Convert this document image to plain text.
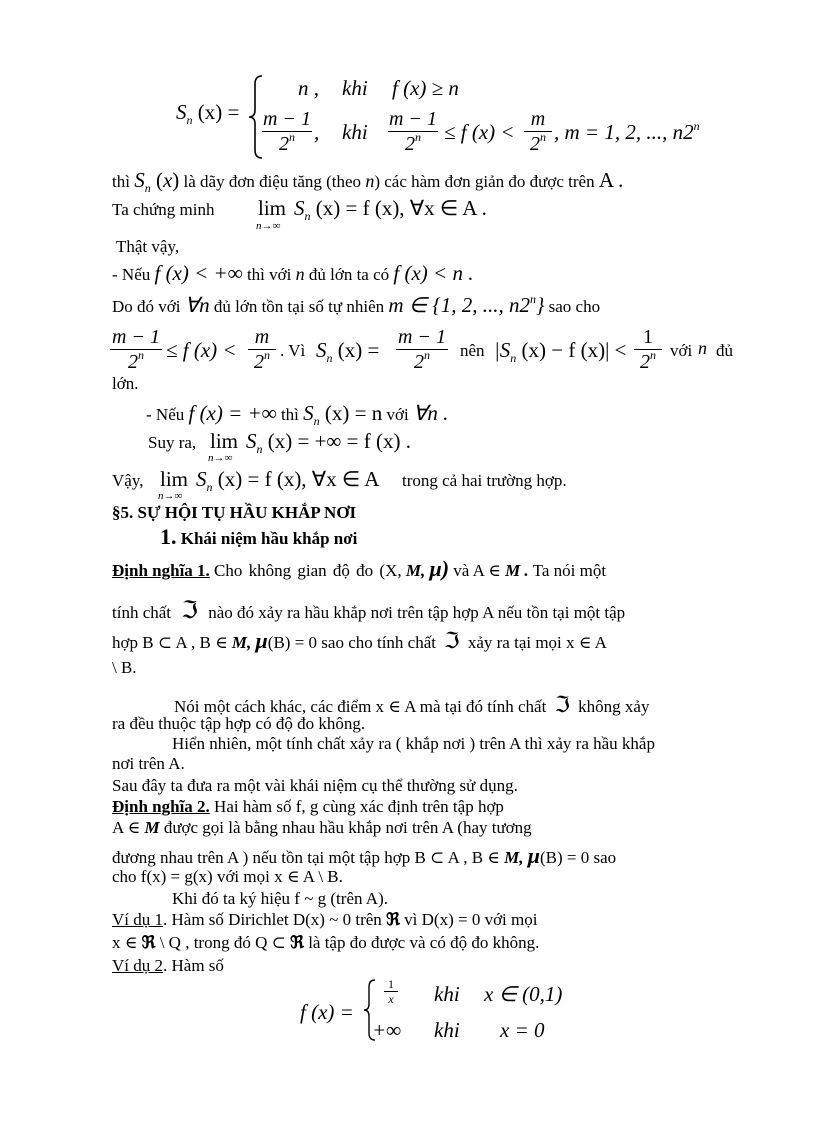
$S_n$ (x) =
n , khi f (x) ≥ n
m − 1
2$^n$ , khi
m − 1
$2^n$	≤ f (x) <
m
2$^n$ , m = 1, 2, ..., n2$^n$
thì $S_n$ (x) là dãy đơn điệu tăng (theo n) các hàm đơn giản đo được trên A .
Ta chứng minh lim
n→∞
$S_n$ (x) = f (x), ∀x ∈ A .
Thật vậy,
- Nếu f (x) < +∞ thì với n đủ lớn ta có f (x) < n .
Do đó với ∀n đủ lớn tồn tại số tự nhiên m ∈ {1, 2, ..., n2$^n$} sao cho
m − 1
$2^n$	≤ f (x) <
m
2$^n$ . Vì $S_n$ (x) =
m − 1
2$^n$	nên $|S_n$ (x) − f (x)| <
1
2$^n$ với n đủ
lớn.
- Nếu f (x) = +∞ thì $S_n$ (x) = n với ∀n .
Suy ra, lim
n→∞
$S_n$ (x) = +∞ = f (x) .
Vậy, lim
n→∞
$S_n$ (x) = f (x), ∀x ∈ A trong cả hai trường hợp.
§5. SỰ HỘI TỤ HẦU KHẮP NƠI
1. Khái niệm hầu khắp nơi
Định nghĩa 1. Cho không gian độ đo (X, M, μ) và A ∈ M . Ta nói một
tính chất ℑ nào đó xảy ra hầu khắp nơi trên tập hợp A nếu tồn tại một tập
hợp B ⊂ A , B ∈ M, μ(B) = 0 sao cho tính chất ℑ xảy ra tại mọi x ∈ A
\ B.
Nói một cách khác, các điểm x ∈ A mà tại đó tính chất ℑ không xảy
ra đều thuộc tập hợp có độ đo không.
Hiển nhiên, một tính chất xảy ra ( khắp nơi ) trên A thì xảy ra hầu khắp
nơi trên A.
Sau đây ta đưa ra một vài khái niệm cụ thể thường sử dụng.
Định nghĩa 2. Hai hàm số f, g cùng xác định trên tập hợp
A ∈ M được gọi là bằng nhau hầu khắp nơi trên A (hay tương
đương nhau trên A ) nếu tồn tại một tập hợp B ⊂ A , B ∈ M, μ(B) = 0 sao
cho f(x) = g(x) với mọi x ∈ A \ B.
Khi đó ta ký hiệu f ~ g (trên A).
Ví dụ 1. Hàm số Dirichlet D(x) ~ 0 trên ℜ vì D(x) = 0 với mọi
x ∈ ℜ \ Q , trong đó Q ⊂ ℜ là tập đo được và có độ đo không.
Ví dụ 2. Hàm số
f (x) =
1
x khi x ∈ (0,1)
+∞ khi x = 0
